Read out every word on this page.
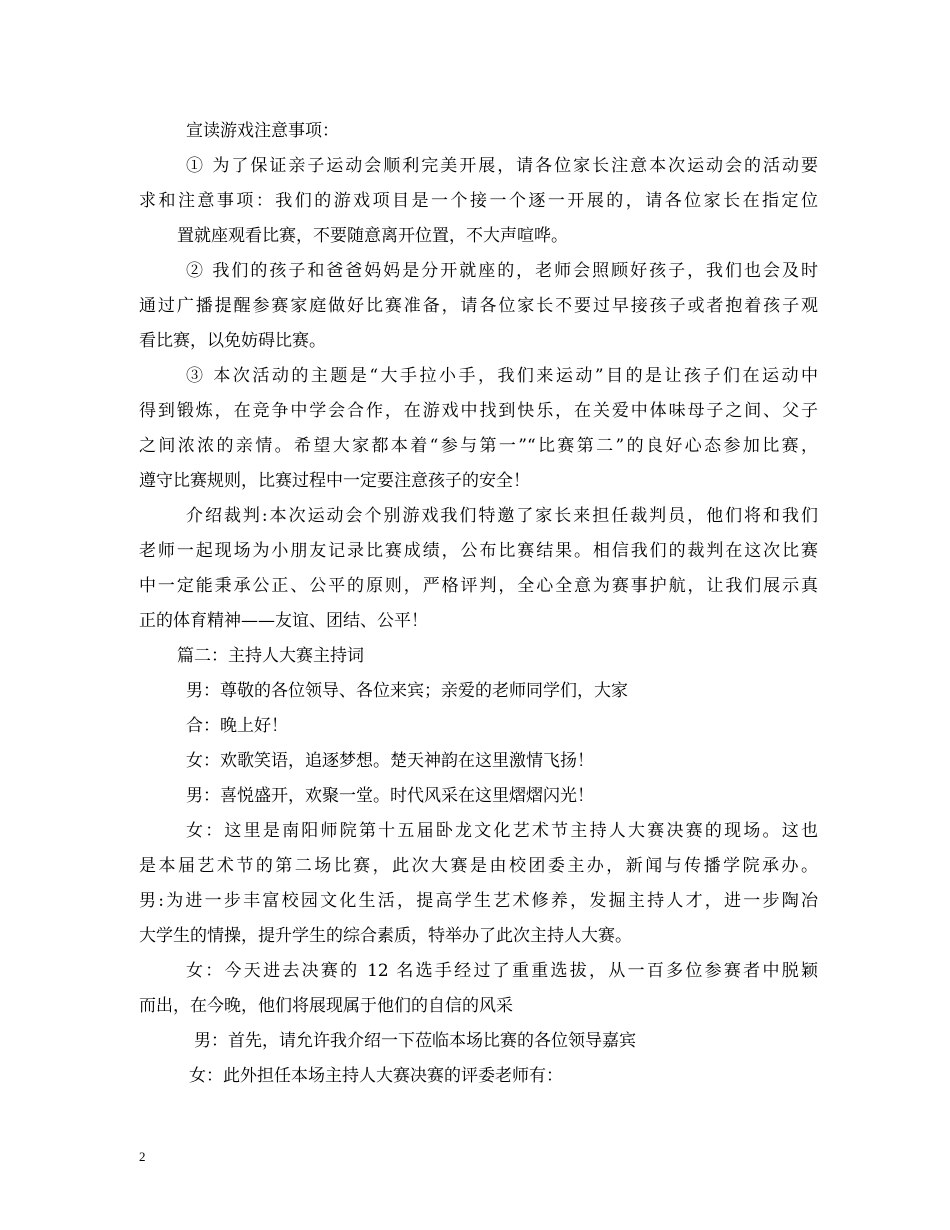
宣读游戏注意事项：
① 为了保证亲子运动会顺利完美开展，请各位家长注意本次运动会的活动要
求和注意事项：我们的游戏项目是一个接一个逐一开展的，请各位家长在指定位
置就座观看比赛，不要随意离开位置，不大声喧哗。
② 我们的孩子和爸爸妈妈是分开就座的，老师会照顾好孩子，我们也会及时
通过广播提醒参赛家庭做好比赛准备，请各位家长不要过早接孩子或者抱着孩子观
看比赛，以免妨碍比赛。
③ 本次活动的主题是“大手拉小手，我们来运动”目的是让孩子们在运动中
得到锻炼，在竞争中学会合作，在游戏中找到快乐，在关爱中体味母子之间、父子
之间浓浓的亲情。希望大家都本着“参与第一”“比赛第二”的良好心态参加比赛，
遵守比赛规则，比赛过程中一定要注意孩子的安全！
介绍裁判:本次运动会个别游戏我们特邀了家长来担任裁判员，他们将和我们
老师一起现场为小朋友记录比赛成绩，公布比赛结果。相信我们的裁判在这次比赛
中一定能秉承公正、公平的原则，严格评判，全心全意为赛事护航，让我们展示真
正的体育精神——友谊、团结、公平！
篇二：主持人大赛主持词
男：尊敬的各位领导、各位来宾；亲爱的老师同学们，大家
合：晚上好！
女：欢歌笑语，追逐梦想。楚天神韵在这里激情飞扬！
男：喜悦盛开，欢聚一堂。时代风采在这里熠熠闪光！
女：这里是南阳师院第十五届卧龙文化艺术节主持人大赛决赛的现场。这也
是本届艺术节的第二场比赛，此次大赛是由校团委主办，新闻与传播学院承办。
男:为进一步丰富校园文化生活，提高学生艺术修养，发掘主持人才，进一步陶冶
大学生的情操，提升学生的综合素质，特举办了此次主持人大赛。
女：今天进去决赛的 12 名选手经过了重重选拔，从一百多位参赛者中脱颖
而出，在今晚，他们将展现属于他们的自信的风采
男：首先，请允许我介绍一下莅临本场比赛的各位领导嘉宾
女：此外担任本场主持人大赛决赛的评委老师有：
2
